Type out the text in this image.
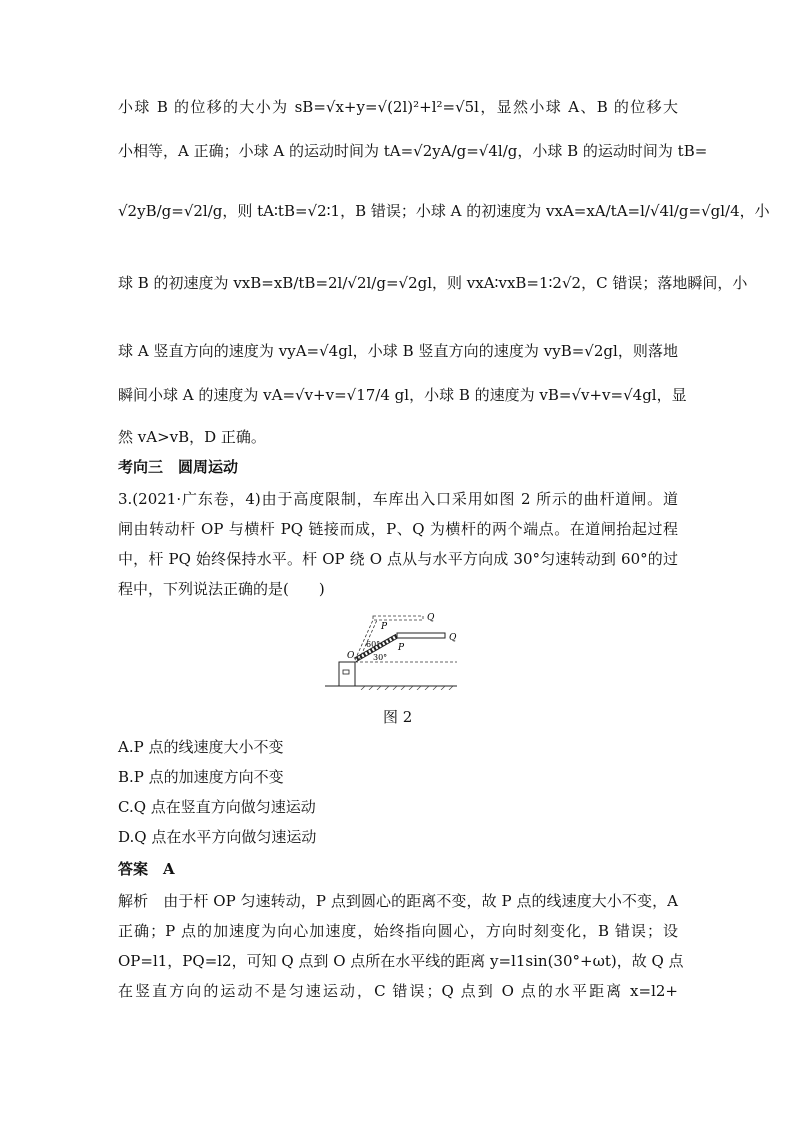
小球 B 的位移的大小为 sB=√x+y=√(2l)²+l²=√5l，显然小球 A、B 的位移大
小相等，A 正确；小球 A 的运动时间为 tA=√2yA/g=√4l/g，小球 B 的运动时间为 tB=
√2yB/g=√2l/g，则 tA∶tB=√2∶1，B 错误；小球 A 的初速度为 vxA=xA/tA=l/√4l/g=√gl/4，小
球 B 的初速度为 vxB=xB/tB=2l/√2l/g=√2gl，则 vxA∶vxB=1∶2√2，C 错误；落地瞬间，小
球 A 竖直方向的速度为 vyA=√4gl，小球 B 竖直方向的速度为 vyB=√2gl，则落地
瞬间小球 A 的速度为 vA=√v+v=√17/4 gl，小球 B 的速度为 vB=√v+v=√4gl，显
然 vA>vB，D 正确。
考向三　圆周运动
3.(2021·广东卷，4)由于高度限制，车库出入口采用如图 2 所示的曲杆道闸。道
闸由转动杆 OP 与横杆 PQ 链接而成，P、Q 为横杆的两个端点。在道闸抬起过程
中，杆 PQ 始终保持水平。杆 OP 绕 O 点从与水平方向成 30°匀速转动到 60°的过
程中，下列说法正确的是(　　)
O
P
P
Q
Q
60°
30°
图 2
A.P 点的线速度大小不变
B.P 点的加速度方向不变
C.Q 点在竖直方向做匀速运动
D.Q 点在水平方向做匀速运动
答案　A
解析　由于杆 OP 匀速转动，P 点到圆心的距离不变，故 P 点的线速度大小不变，A
正确；P 点的加速度为向心加速度，始终指向圆心，方向时刻变化，B 错误；设
OP=l1，PQ=l2，可知 Q 点到 O 点所在水平线的距离 y=l1sin(30°+ωt)，故 Q 点
在竖直方向的运动不是匀速运动，C 错误；Q 点到 O 点的水平距离 x=l2+
